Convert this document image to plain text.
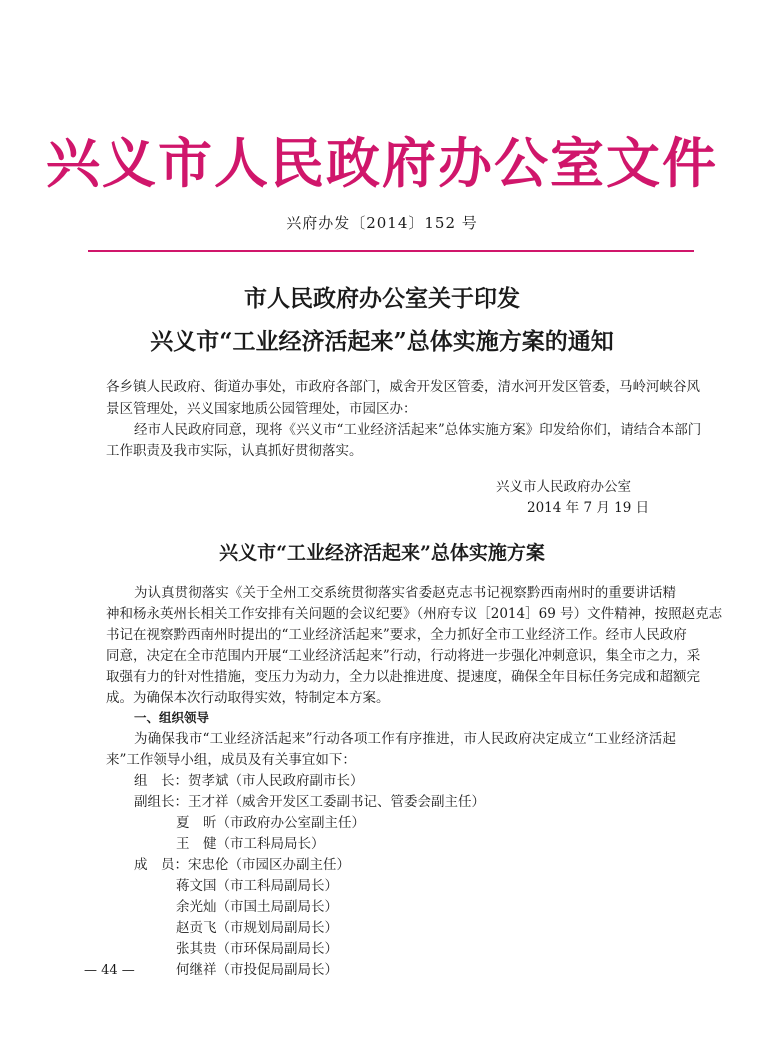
兴义市人民政府办公室文件
兴府办发〔2014〕152 号
市人民政府办公室关于印发
兴义市“工业经济活起来”总体实施方案的通知
各乡镇人民政府、街道办事处，市政府各部门，威舍开发区管委，清水河开发区管委，马岭河峡谷风
景区管理处，兴义国家地质公园管理处，市园区办：
经市人民政府同意，现将《兴义市“工业经济活起来”总体实施方案》印发给你们，请结合本部门
工作职责及我市实际，认真抓好贯彻落实。
兴义市人民政府办公室
2014 年 7 月 19 日
兴义市“工业经济活起来”总体实施方案
为认真贯彻落实《关于全州工交系统贯彻落实省委赵克志书记视察黔西南州时的重要讲话精
神和杨永英州长相关工作安排有关问题的会议纪要》（州府专议［2014］69 号）文件精神，按照赵克志
书记在视察黔西南州时提出的“工业经济活起来”要求，全力抓好全市工业经济工作。经市人民政府
同意，决定在全市范围内开展“工业经济活起来”行动，行动将进一步强化冲刺意识，集全市之力，采
取强有力的针对性措施，变压力为动力，全力以赴推进度、提速度，确保全年目标任务完成和超额完
成。为确保本次行动取得实效，特制定本方案。
一、组织领导
为确保我市“工业经济活起来”行动各项工作有序推进，市人民政府决定成立“工业经济活起
来”工作领导小组，成员及有关事宜如下：
组　长： 贺孝斌（市人民政府副市长）
副组长： 王才祥（威舍开发区工委副书记、管委会副主任）
夏　昕（市政府办公室副主任）
王　健（市工科局局长）
成　员： 宋忠伦（市园区办副主任）
蒋文国（市工科局副局长）
余光灿（市国土局副局长）
赵贡飞（市规划局副局长）
张其贵（市环保局副局长）
何继祥（市投促局副局长）
— 44 —
